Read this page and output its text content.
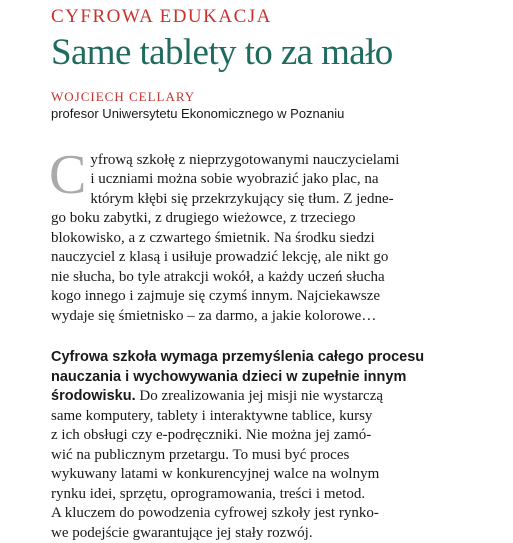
CYFROWA EDUKACJA
Same tablety to za mało
WOJCIECH CELLARY
profesor Uniwersytetu Ekonomicznego w Poznaniu
C yfrową szkołę z nieprzygotowanymi nauczycielami
i uczniami można sobie wyobrazić jako plac, na
którym kłębi się przekrzykujący się tłum. Z jedne-
go boku zabytki, z drugiego wieżowce, z trzeciego
blokowisko, a z czwartego śmietnik. Na środku siedzi
nauczyciel z klasą i usiłuje prowadzić lekcję, ale nikt go
nie słucha, bo tyle atrakcji wokół, a każdy uczeń słucha
kogo innego i zajmuje się czymś innym. Najciekawsze
wydaje się śmietnisko – za darmo, a jakie kolorowe…
Cyfrowa szkoła wymaga przemyślenia całego procesu
nauczania i wychowywania dzieci w zupełnie innym
środowisku. Do zrealizowania jej misji nie wystarczą
same komputery, tablety i interaktywne tablice, kursy
z ich obsługi czy e-podręczniki. Nie można jej zamó-
wić na publicznym przetargu. To musi być proces
wykuwany latami w konkurencyjnej walce na wolnym
rynku idei, sprzętu, oprogramowania, treści i metod.
A kluczem do powodzenia cyfrowej szkoły jest rynko-
we podejście gwarantujące jej stały rozwój.
